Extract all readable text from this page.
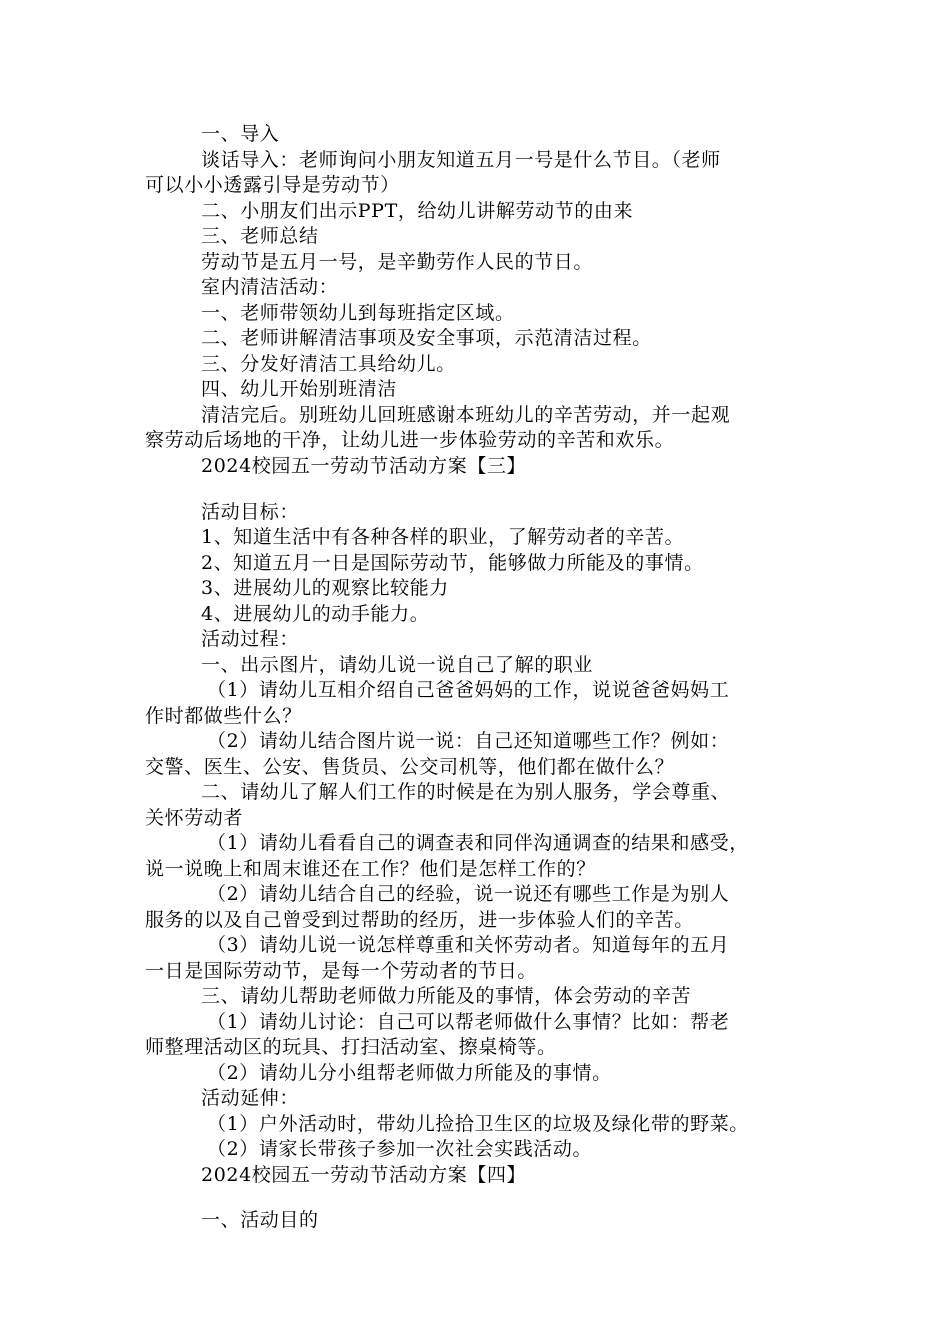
一、导入
谈话导入：老师询问小朋友知道五月一号是什么节目。（老师
可以小小透露引导是劳动节）
二、小朋友们出示PPT，给幼儿讲解劳动节的由来
三、老师总结
劳动节是五月一号，是辛勤劳作人民的节日。
室内清洁活动：
一、老师带领幼儿到每班指定区域。
二、老师讲解清洁事项及安全事项，示范清洁过程。
三、分发好清洁工具给幼儿。
四、幼儿开始别班清洁
清洁完后。别班幼儿回班感谢本班幼儿的辛苦劳动，并一起观
察劳动后场地的干净，让幼儿进一步体验劳动的辛苦和欢乐。
2024校园五一劳动节活动方案【三】
活动目标：
1、知道生活中有各种各样的职业，了解劳动者的辛苦。
2、知道五月一日是国际劳动节，能够做力所能及的事情。
3、进展幼儿的观察比较能力
4、进展幼儿的动手能力。
活动过程：
一、出示图片，请幼儿说一说自己了解的职业
（1）请幼儿互相介绍自己爸爸妈妈的工作，说说爸爸妈妈工
作时都做些什么？
（2）请幼儿结合图片说一说：自己还知道哪些工作？例如：
交警、医生、公安、售货员、公交司机等，他们都在做什么？
二、请幼儿了解人们工作的时候是在为别人服务，学会尊重、
关怀劳动者
（1）请幼儿看看自己的调查表和同伴沟通调查的结果和感受，
说一说晚上和周末谁还在工作？他们是怎样工作的？
（2）请幼儿结合自己的经验，说一说还有哪些工作是为别人
服务的以及自己曾受到过帮助的经历，进一步体验人们的辛苦。
（3）请幼儿说一说怎样尊重和关怀劳动者。知道每年的五月
一日是国际劳动节，是每一个劳动者的节日。
三、请幼儿帮助老师做力所能及的事情，体会劳动的辛苦
（1）请幼儿讨论：自己可以帮老师做什么事情？比如：帮老
师整理活动区的玩具、打扫活动室、擦桌椅等。
（2）请幼儿分小组帮老师做力所能及的事情。
活动延伸：
（1）户外活动时，带幼儿捡拾卫生区的垃圾及绿化带的野菜。
（2）请家长带孩子参加一次社会实践活动。
2024校园五一劳动节活动方案【四】
一、活动目的
